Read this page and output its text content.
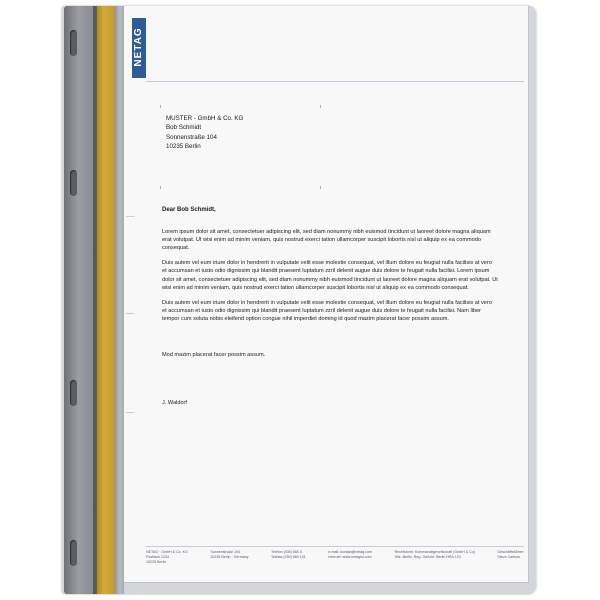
NETAG
MUSTER - GmbH & Co. KG
Bob Schmidt
Sonnenstraße 104
10235 Berlin

Dear Bob Schmidt,

Lorem ipsum dolor sit amet, consectetuer adipiscing elit, sed diam nonummy nibh euismod tincidunt ut laoreet dolore magna aliquam erat volutpat. Ut wisi enim ad minim veniam, quis nostrud exerci tation ullamcorper suscipit lobortis nisl ut aliquip ex ea commodo consequat.

Duis autem vel eum iriure dolor in hendrerit in vulputate velit esse molestie consequat, vel illum dolore eu feugiat nulla facilisis at vero et accumsan et iusto odio dignissim qui blandit praesent luptatum zzril delenit augue duis dolore te feugait nulla facilisi. Lorem ipsum dolor sit amet, consectetuer adipiscing elit, sed diam nonummy nibh euismod tincidunt ut laoreet dolore magna aliquam erat volutpat. Ut wisi enim ad minim veniam, quis nostrud exerci tation ullamcorper suscipit lobortis nisl ut aliquip ex ea commodo consequat.

Duis autem vel eum iriure dolor in hendrerit in vulputate velit esse molestie consequat, vel illum dolore eu feugiat nulla facilisis at vero et accumsan et iusto odio dignissim qui blandit praesent luptatum zzril delenit augue duis dolore te feugait nulla facilisi. Nam liber tempor cum soluta nobis eleifend option congue nihil imperdiet doming id quod mazim placerat facer possim assum.

Mod mazim placerat facer possim assum.

J. Waldorf

NETAG · GmbH & Co. KG
Postfach 1234
10235 Berlin
Sonnenstraße 104
10235 Berlin · Germany
Telefon (030) 660 0
Telefax (030) 660 101
e-mail: kontakt@netag.com
Internet: www.netagini.com
Rechtsform: Kommanditgesellschaft (GmbH & Co)
Sitz: Berlin, Reg.-Gericht: Berlin HRA 123
Geschäftsführer:
Steve Carlson
